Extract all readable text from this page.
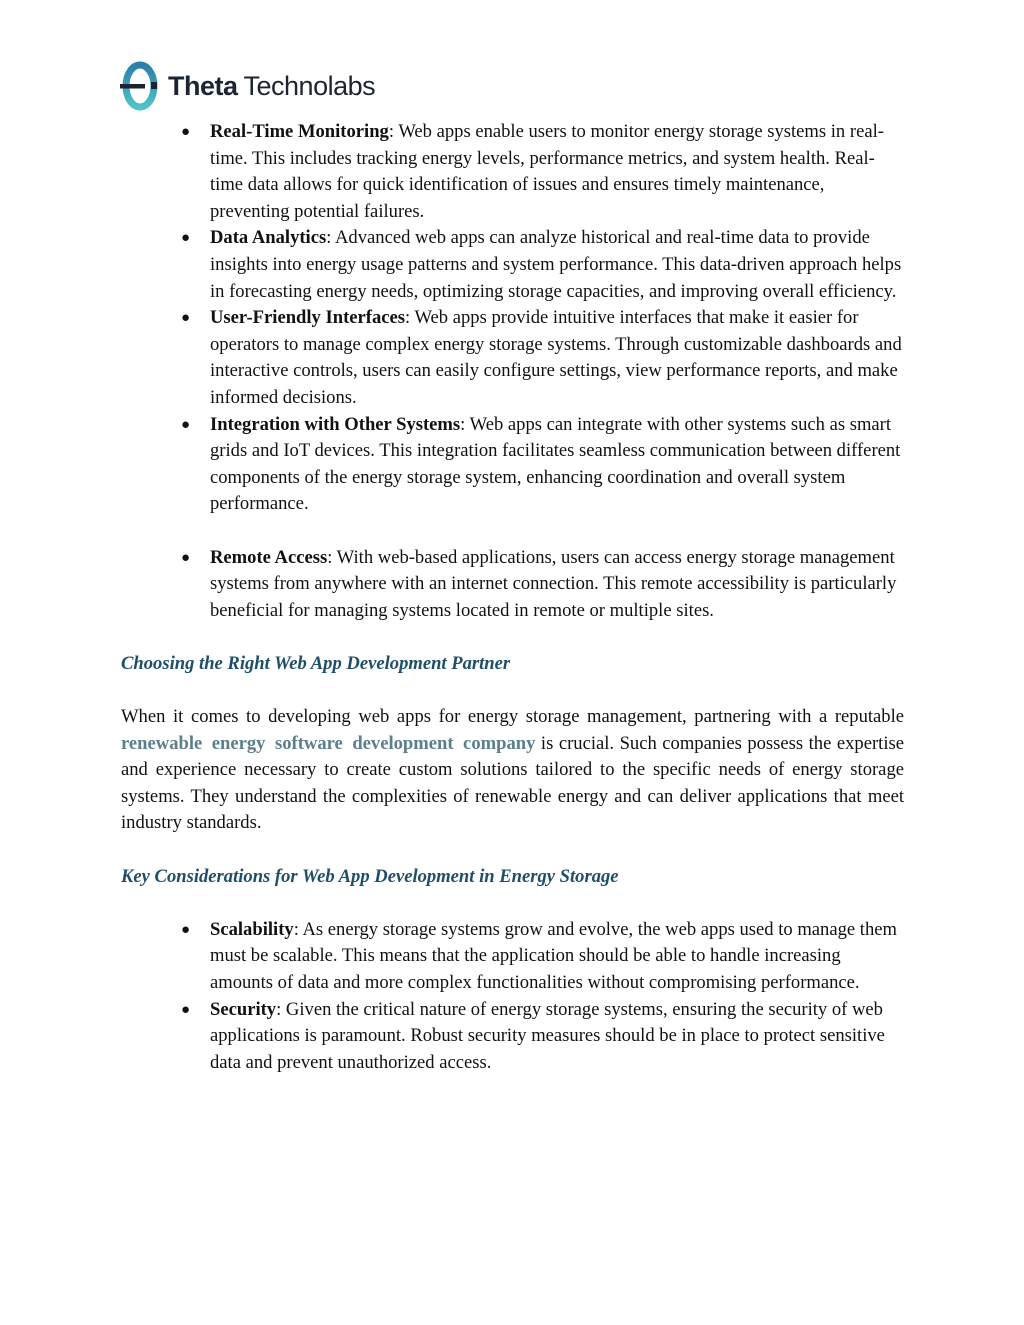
Theta Technolabs
● Real-Time Monitoring: Web apps enable users to monitor energy storage systems in real-time. This includes tracking energy levels, performance metrics, and system health. Real-time data allows for quick identification of issues and ensures timely maintenance, preventing potential failures.
● Data Analytics: Advanced web apps can analyze historical and real-time data to provide insights into energy usage patterns and system performance. This data-driven approach helps in forecasting energy needs, optimizing storage capacities, and improving overall efficiency.
● User-Friendly Interfaces: Web apps provide intuitive interfaces that make it easier for operators to manage complex energy storage systems. Through customizable dashboards and interactive controls, users can easily configure settings, view performance reports, and make informed decisions.
● Integration with Other Systems: Web apps can integrate with other systems such as smart grids and IoT devices. This integration facilitates seamless communication between different components of the energy storage system, enhancing coordination and overall system performance.
● Remote Access: With web-based applications, users can access energy storage management systems from anywhere with an internet connection. This remote accessibility is particularly beneficial for managing systems located in remote or multiple sites.

Choosing the Right Web App Development Partner

When it comes to developing web apps for energy storage management, partnering with a reputable renewable energy software development company is crucial. Such companies possess the expertise and experience necessary to create custom solutions tailored to the specific needs of energy storage systems. They understand the complexities of renewable energy and can deliver applications that meet industry standards.

Key Considerations for Web App Development in Energy Storage

● Scalability: As energy storage systems grow and evolve, the web apps used to manage them must be scalable. This means that the application should be able to handle increasing amounts of data and more complex functionalities without compromising performance.
● Security: Given the critical nature of energy storage systems, ensuring the security of web applications is paramount. Robust security measures should be in place to protect sensitive data and prevent unauthorized access.
